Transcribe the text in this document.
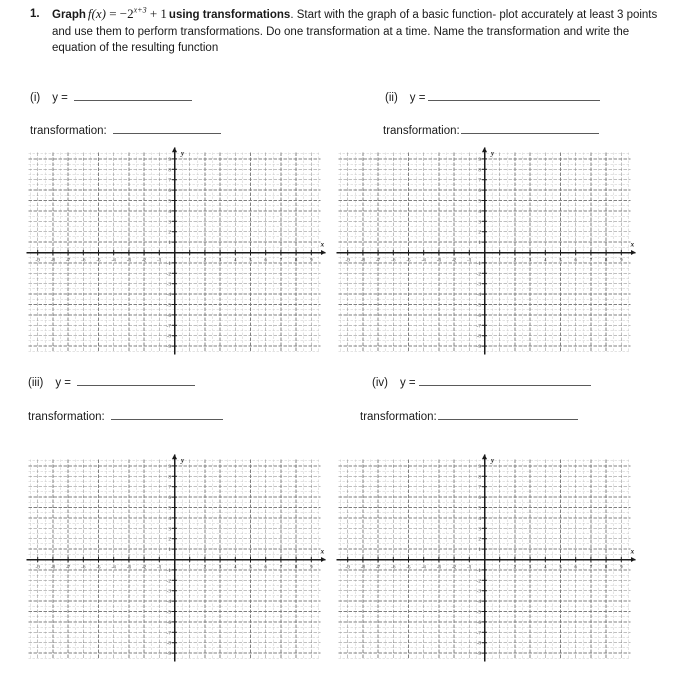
1.	Graph $f(x) = -2^{x+3} + 1$ using transformations. Start with the graph of a basic function- plot accurately at least 3 points and use them to perform transformations. Do one transformation at a time. Name the transformation and write the equation of the resulting function
(i)	y =
transformation:
(ii)	y =
transformation:
-9 -8 -7 -6 -5 -4 -3 -2 -1	1 2 3 4 5 6 7 8 9
9
8
7
6
5
4
3
2
1
-1
-2
-3
-4
-5
-6
-7
-8
-9
x
y
-9 -8 -7 -6 -5 -4 -3 -2 -1	1 2 3 4 5 6 7 8 9
9
8
7
6
5
4
3
2
1
-1
-2
-3
-4
-5
-6
-7
-8
-9
x
y
(iii)	y =
transformation:
(iv)	y =
transformation:
-9 -8 -7 -6 -5 -4 -3 -2 -1	1 2 3 4 5 6 7 8 9
9
8
7
6
5
4
3
2
1
-1
-2
-3
-4
-5
-6
-7
-8
-9
x
y
-9 -8 -7 -6 -5 -4 -3 -2 -1	1 2 3 4 5 6 7 8 9
9
8
7
6
5
4
3
2
1
-1
-2
-3
-4
-5
-6
-7
-8
-9
x
y
